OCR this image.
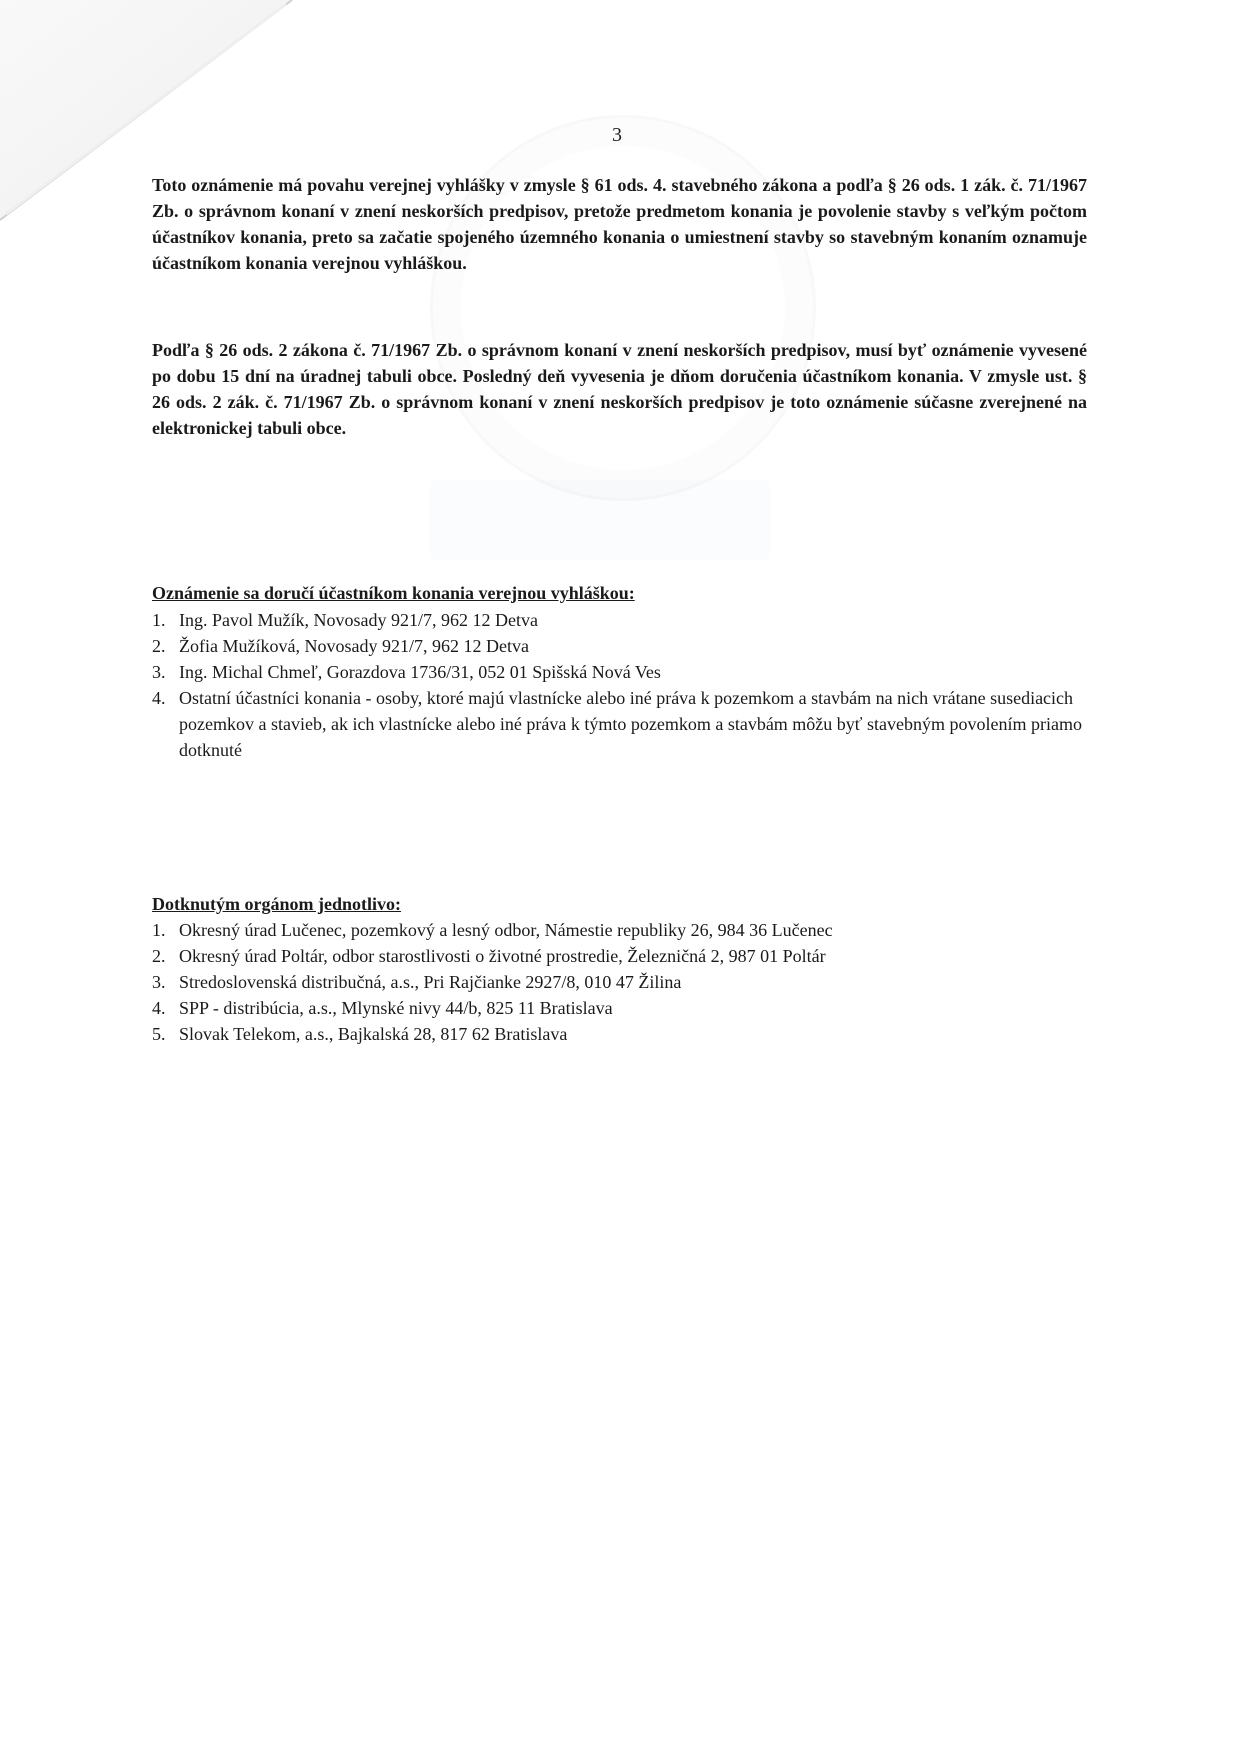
3

Toto oznámenie má povahu verejnej vyhlášky v zmysle § 61 ods. 4. stavebného zákona a podľa § 26 ods. 1 zák. č. 71/1967 Zb. o správnom konaní v znení neskorších predpisov, pretože predmetom konania je povolenie stavby s veľkým počtom účastníkov konania, preto sa začatie spojeného územného konania o umiestnení stavby so stavebným konaním oznamuje účastníkom konania verejnou vyhláškou.

Podľa § 26 ods. 2 zákona č. 71/1967 Zb. o správnom konaní v znení neskorších predpisov, musí byť oznámenie vyvesené po dobu 15 dní na úradnej tabuli obce. Posledný deň vyvesenia je dňom doručenia účastníkom konania. V zmysle ust. § 26 ods. 2 zák. č. 71/1967 Zb. o správnom konaní v znení neskorších predpisov je toto oznámenie súčasne zverejnené na elektronickej tabuli obce.

Oznámenie sa doručí účastníkom konania verejnou vyhláškou:
1. Ing. Pavol Mužík, Novosady 921/7, 962 12 Detva
2. Žofia Mužíková, Novosady 921/7, 962 12 Detva
3. Ing. Michal Chmeľ, Gorazdova 1736/31, 052 01 Spišská Nová Ves
4. Ostatní účastníci konania - osoby, ktoré majú vlastnícke alebo iné práva k pozemkom a stavbám na nich vrátane susediacich pozemkov a stavieb, ak ich vlastnícke alebo iné práva k týmto pozemkom a stavbám môžu byť stavebným povolením priamo dotknuté
Dotknutým orgánom jednotlivo:
1. Okresný úrad Lučenec, pozemkový a lesný odbor, Námestie republiky 26, 984 36 Lučenec
2. Okresný úrad Poltár, odbor starostlivosti o životné prostredie, Železničná 2, 987 01 Poltár
3. Stredoslovenská distribučná, a.s., Pri Rajčianke 2927/8, 010 47 Žilina
4. SPP - distribúcia, a.s., Mlynské nivy 44/b, 825 11 Bratislava
5. Slovak Telekom, a.s., Bajkalská 28, 817 62 Bratislava
